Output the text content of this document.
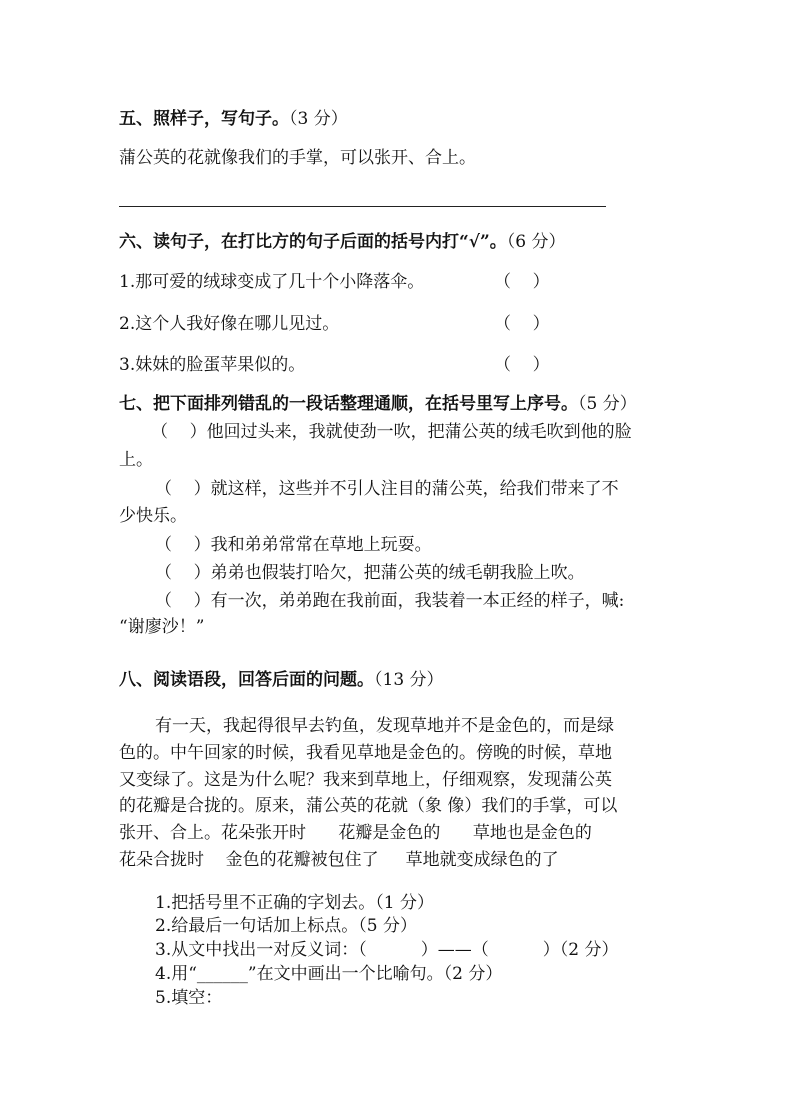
五、照样子，写句子。（3 分）
蒲公英的花就像我们的手掌，可以张开、合上。
六、读句子，在打比方的句子后面的括号内打“√”。（6 分）
1.那可爱的绒球变成了几十个小降落伞。	（    ）
2.这个人我好像在哪儿见过。	（    ）
3.妹妹的脸蛋苹果似的。	（    ）
七、把下面排列错乱的一段话整理通顺，在括号里写上序号。（5 分）
（    ）他回过头来，我就使劲一吹，把蒲公英的绒毛吹到他的脸
上。
（    ）就这样，这些并不引人注目的蒲公英，给我们带来了不
少快乐。
（    ）我和弟弟常常在草地上玩耍。
（    ）弟弟也假装打哈欠，把蒲公英的绒毛朝我脸上吹。
（    ）有一次，弟弟跑在我前面，我装着一本正经的样子，喊:
“谢廖沙！”
八、阅读语段，回答后面的问题。（13 分）
有一天，我起得很早去钓鱼，发现草地并不是金色的，而是绿
色的。中午回家的时候，我看见草地是金色的。傍晚的时候，草地
又变绿了。这是为什么呢？我来到草地上，仔细观察，发现蒲公英
的花瓣是合拢的。原来，蒲公英的花就（象 像）我们的手掌，可以
张开、合上。花朵张开时      花瓣是金色的      草地也是金色的
花朵合拢时    金色的花瓣被包住了     草地就变成绿色的了
1.把括号里不正确的字划去。（1 分）
2.给最后一句话加上标点。（5 分）
3.从文中找出一对反义词：（          ）——（          ）（2 分）
4.用“______”在文中画出一个比喻句。（2 分）
5.填空：
